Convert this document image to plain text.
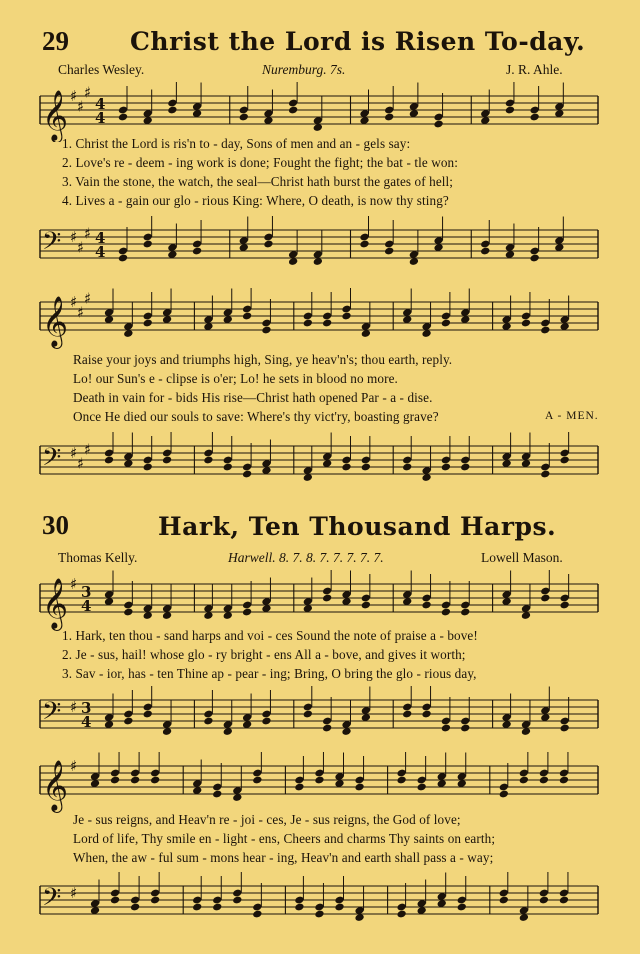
29 Christ the Lord is Risen To-day.
Charles Wesley.	Nuremburg. 7s.	J. R. Ahle.
𝄞 ♯
♯
♯
4
4
1. Christ the Lord is ris'n to - day, Sons of men and an - gels say:
2. Love's re - deem - ing work is done; Fought the fight; the bat - tle won:
3. Vain the stone, the watch, the seal—Christ hath burst the gates of hell;
4. Lives a - gain our glo - rious King: Where, O death, is now thy sting?
𝄢 ♯
♯
♯ 4
4
𝄞 ♯
♯
♯
Raise your joys and triumphs high, Sing, ye heav'n's; thou earth, reply.
Lo! our Sun's e - clipse is o'er; Lo! he sets in blood no more.
Death in vain for - bids His rise—Christ hath opened Par - a - dise.
Once He died our souls to save: Where's thy vict'ry, boasting grave?	A - MEN.
𝄢 ♯
♯
♯
30	Hark, Ten Thousand Harps.
Thomas Kelly.	Harwell. 8. 7. 8. 7. 7. 7. 7. 7.	Lowell Mason.
𝄞 ♯ 3
4
1. Hark, ten thou - sand harps and voi - ces Sound the note of praise a - bove!
2. Je - sus, hail! whose glo - ry bright - ens All a - bove, and gives it worth;
3. Sav - ior, has - ten Thine ap - pear - ing; Bring, O bring the glo - rious day,
𝄢 ♯ 3
4
𝄞 ♯
Je - sus reigns, and Heav'n re - joi - ces, Je - sus reigns, the God of love;
Lord of life, Thy smile en - light - ens, Cheers and charms Thy saints on earth;
When, the aw - ful sum - mons hear - ing, Heav'n and earth shall pass a - way;
𝄢 ♯
